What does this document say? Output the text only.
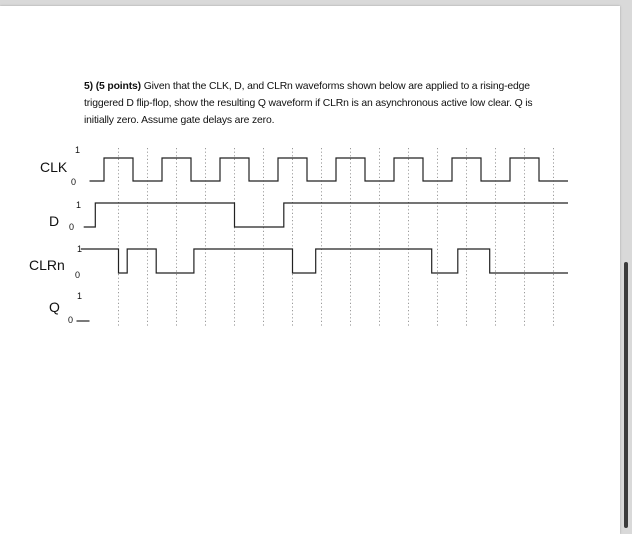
5) (5 points) Given that the CLK, D, and CLRn waveforms shown below are applied to a rising-edge triggered D flip-flop, show the resulting Q waveform if CLRn is an asynchronous active low clear. Q is initially zero. Assume gate delays are zero.
CLK
D
CLRn
Q
1
0
1
0
1
0
1
0
